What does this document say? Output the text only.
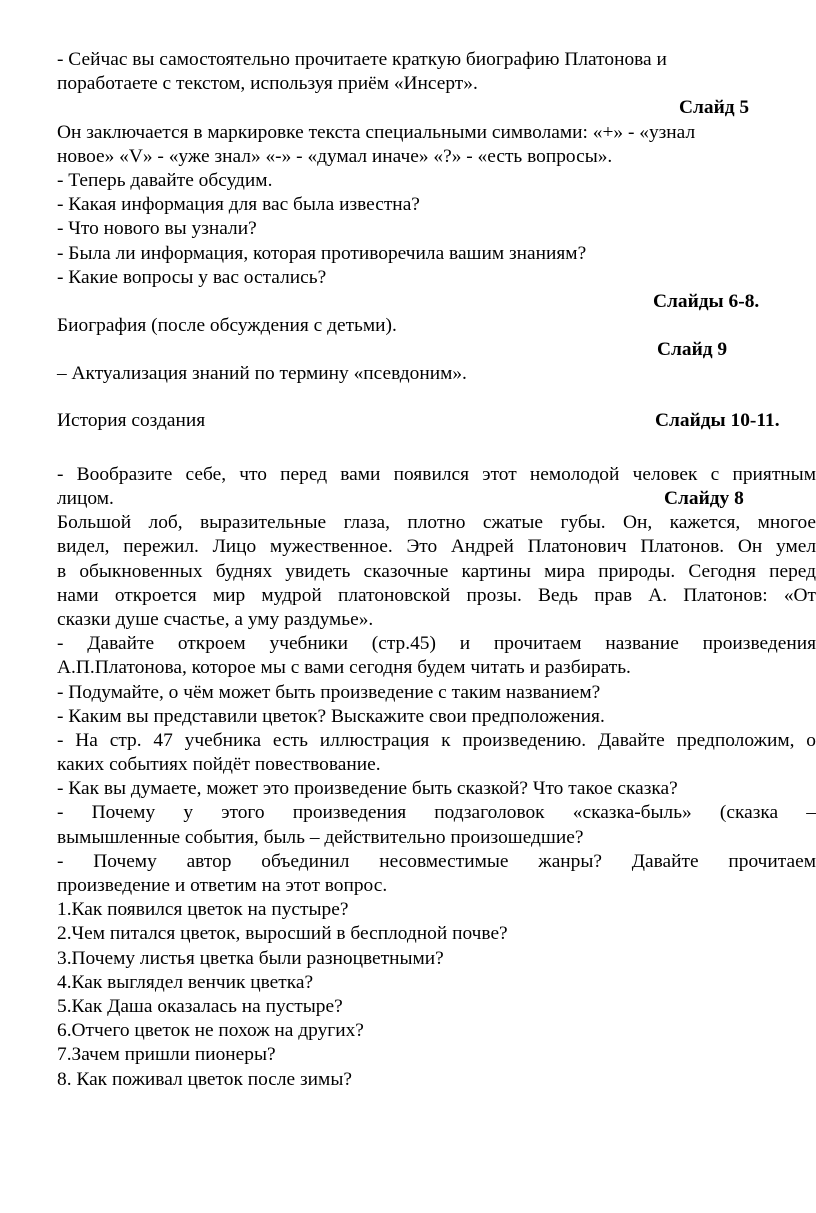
- Сейчас вы самостоятельно прочитаете краткую биографию Платонова и
поработаете с текстом, используя приём «Инсерт».
Слайд 5
Он заключается в маркировке текста специальными символами: «+» - «узнал
новое» «V» - «уже знал» «-» - «думал иначе» «?» - «есть вопросы».
- Теперь давайте обсудим.
- Какая информация для вас была известна?
- Что нового вы узнали?
- Была ли информация, которая противоречила вашим знаниям?
- Какие вопросы у вас остались?
Слайды 6-8.
Биография (после обсуждения с детьми).
Слайд 9
– Актуализация знаний по термину «псевдоним».
История создания	Слайды 10-11.
- Вообразите себе, что перед вами появился этот немолодой человек с приятным
лицом.	Слайду 8
Большой лоб, выразительные глаза, плотно сжатые губы. Он, кажется, многое
видел, пережил. Лицо мужественное. Это Андрей Платонович Платонов. Он умел
в обыкновенных буднях увидеть сказочные картины мира природы. Сегодня перед
нами откроется мир мудрой платоновской прозы. Ведь прав А. Платонов: «От
сказки душе счастье, а уму раздумье».
- Давайте откроем учебники (стр.45) и прочитаем название произведения
А.П.Платонова, которое мы с вами сегодня будем читать и разбирать.
- Подумайте, о чём может быть произведение с таким названием?
- Каким вы представили цветок? Выскажите свои предположения.
- На стр. 47 учебника есть иллюстрация к произведению. Давайте предположим, о
каких событиях пойдёт повествование.
- Как вы думаете, может это произведение быть сказкой? Что такое сказка?
- Почему у этого произведения подзаголовок «сказка-быль» (сказка –
вымышленные события, быль – действительно произошедшие?
- Почему автор объединил несовместимые жанры? Давайте прочитаем
произведение и ответим на этот вопрос.
1.Как появился цветок на пустыре?
2.Чем питался цветок, выросший в бесплодной почве?
3.Почему листья цветка были разноцветными?
4.Как выглядел венчик цветка?
5.Как Даша оказалась на пустыре?
6.Отчего цветок не похож на других?
7.Зачем пришли пионеры?
8. Как поживал цветок после зимы?
